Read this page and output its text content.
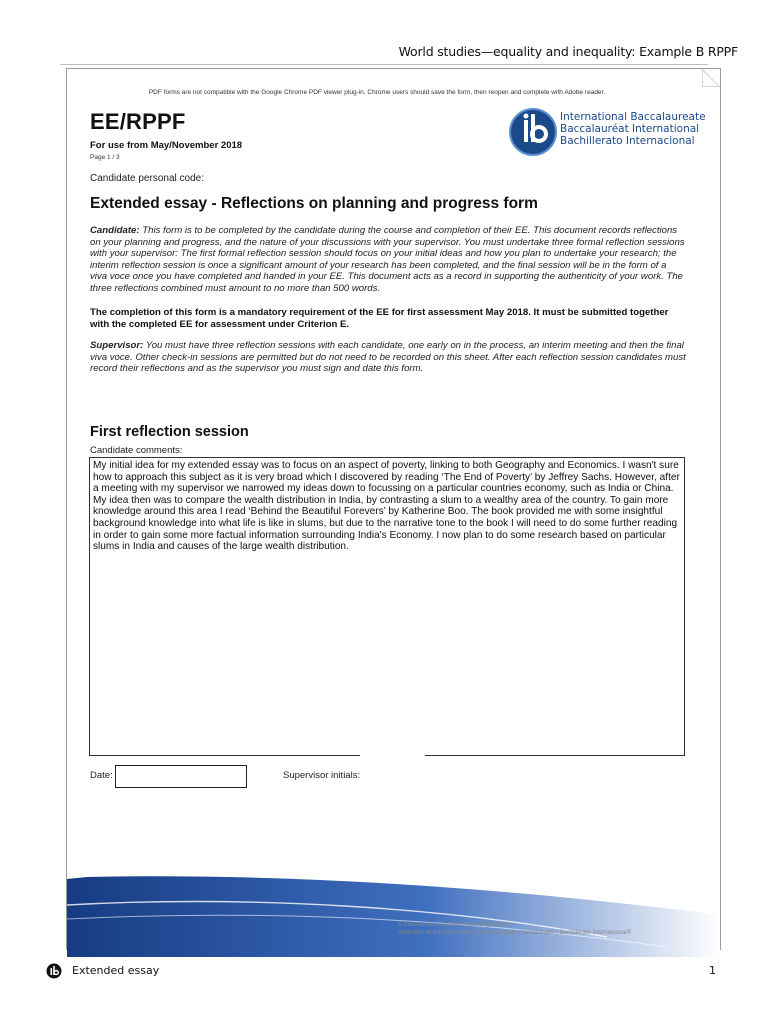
World studies—equality and inequality: Example B RPPF
PDF forms are not compatible with the Google Chrome PDF viewer plug-in. Chrome users should save the form, then reopen and complete with Adobe reader.
EE/RPPF
For use from May/November 2018
Page 1 / 3
Candidate personal code:
International Baccalaureate
Baccalauréat International
Bachillerato Internacional
Extended essay - Reflections on planning and progress form
Candidate: This form is to be completed by the candidate during the course and completion of their EE. This document records reflections on your planning and progress, and the nature of your discussions with your supervisor. You must undertake three formal reflection sessions with your supervisor: The first formal reflection session should focus on your initial ideas and how you plan to undertake your research; the interim reflection session is once a significant amount of your research has been completed, and the final session will be in the form of a viva voce once you have completed and handed in your EE. This document acts as a record in supporting the authenticity of your work. The three reflections combined must amount to no more than 500 words.
The completion of this form is a mandatory requirement of the EE for first assessment May 2018. It must be submitted together with the completed EE for assessment under Criterion E.
Supervisor: You must have three reflection sessions with each candidate, one early on in the process, an interim meeting and then the final viva voce. Other check-in sessions are permitted but do not need to be recorded on this sheet. After each reflection session candidates must record their reflections and as the supervisor you must sign and date this form.
First reflection session
Candidate comments:
My initial idea for my extended essay was to focus on an aspect of poverty, linking to both Geography and Economics. I wasn't sure how to approach this subject as it is very broad which I discovered by reading ‘The End of Poverty’ by Jeffrey Sachs. However, after a meeting with my supervisor we narrowed my ideas down to focussing on a particular countries economy, such as India or China. My idea then was to compare the wealth distribution in India, by contrasting a slum to a wealthy area of the country. To gain more knowledge around this area I read ‘Behind the Beautiful Forevers’ by Katherine Boo. The book provided me with some insightful background knowledge into what life is like in slums, but due to the narrative tone to the book I will need to do some further reading in order to gain some more factual information surrounding India's Economy. I now plan to do some research based on particular slums in India and causes of the large wealth distribution.
Date:	Supervisor initials:
© International Baccalaureate Organization
International Baccalaureate® | Baccalauréat International® | Bachillerato Internacional®
Extended essay	1
